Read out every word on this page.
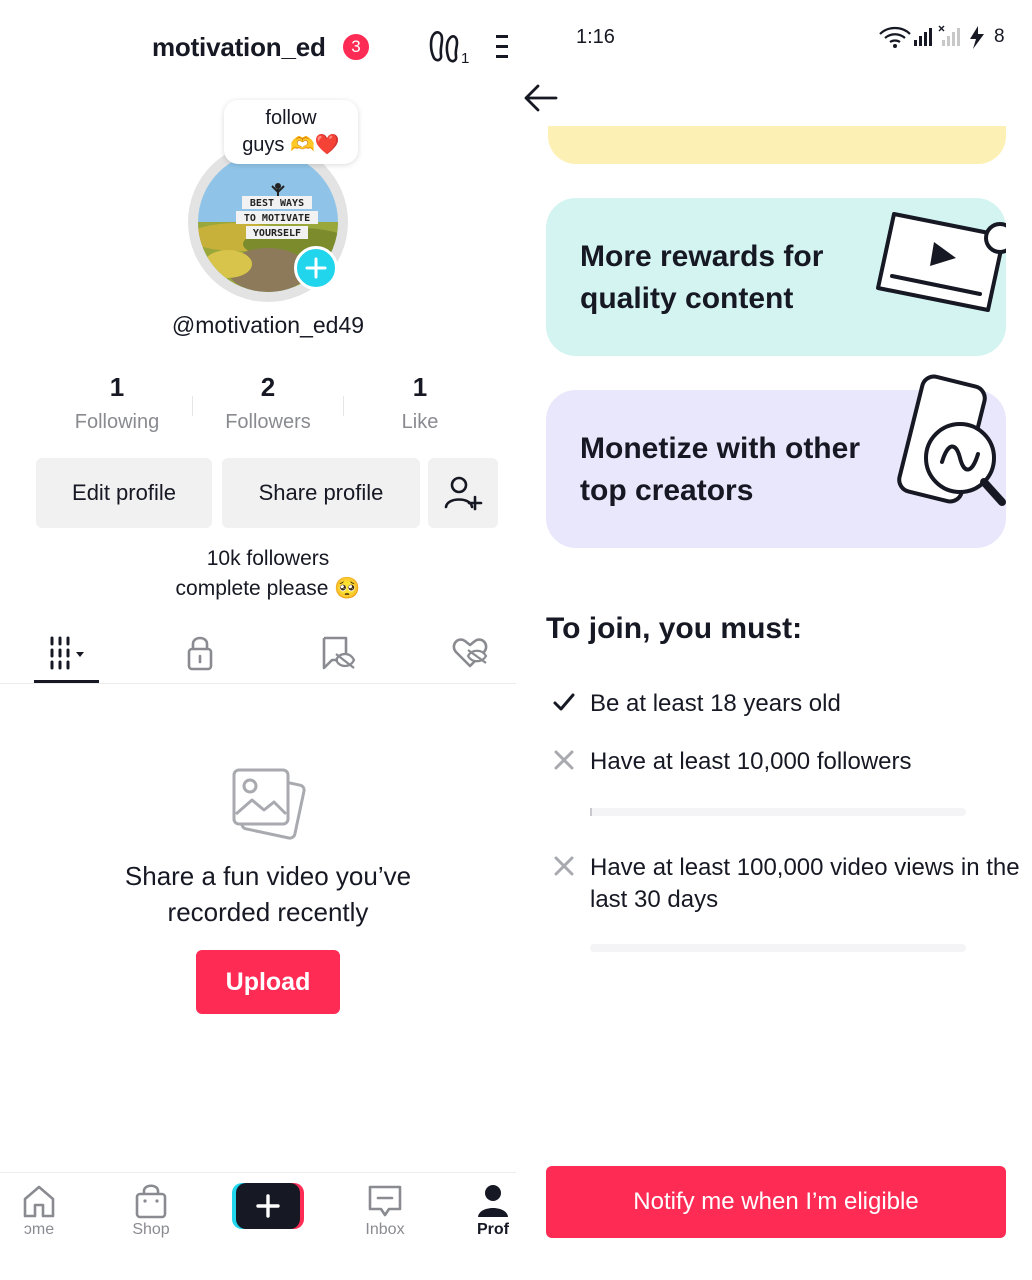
motivation_ed	3
1
follow
guys 🫶❤️
BEST WAYS
TO MOTIVATE
YOURSELF
@motivation_ed49
1
Following
2
Followers
1
Like
Edit profile	Share profile
10k followers
complete please 🥺
Share a fun video you’ve
recorded recently
Upload
ɔme	Shop	Inbox	Prof
1:16	8
More rewards for
quality content
Monetize with other
top creators
To join, you must:
Be at least 18 years old
Have at least 10,000 followers
Have at least 100,000 video views in the last 30 days
Notify me when I’m eligible
